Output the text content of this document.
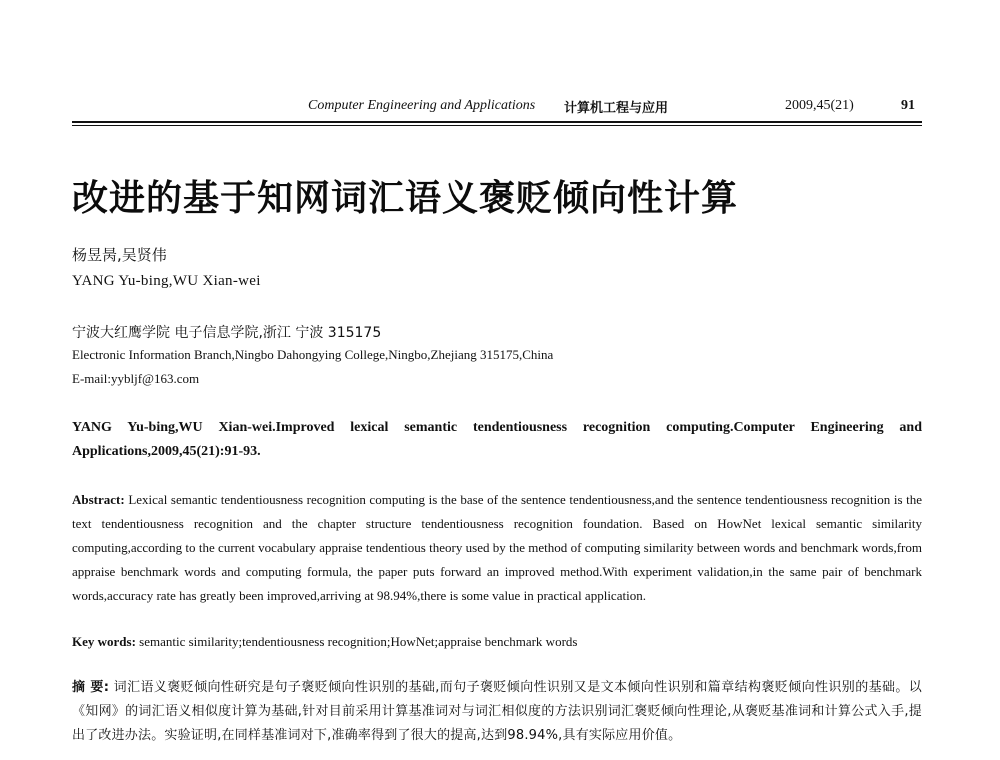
Computer Engineering and Applications 计算机工程与应用	2009,45(21)	91
改进的基于知网词汇语义褒贬倾向性计算
杨昱昺,吴贤伟
YANG Yu-bing,WU Xian-wei
宁波大红鹰学院 电子信息学院,浙江 宁波 315175
Electronic Information Branch,Ningbo Dahongying College,Ningbo,Zhejiang 315175,China
E-mail:yybljf@163.com
YANG Yu-bing,WU Xian-wei.Improved lexical semantic tendentiousness recognition computing.Computer Engineering and Applications,2009,45(21):91-93.
Abstract: Lexical semantic tendentiousness recognition computing is the base of the sentence tendentiousness,and the sentence tendentiousness recognition is the text tendentiousness recognition and the chapter structure tendentiousness recognition foundation. Based on HowNet lexical semantic similarity computing,according to the current vocabulary appraise tendentious theory used by the method of computing similarity between words and benchmark words,from appraise benchmark words and computing formula, the paper puts forward an improved method.With experiment validation,in the same pair of benchmark words,accuracy rate has greatly been improved,arriving at 98.94%,there is some value in practical application.
Key words: semantic similarity;tendentiousness recognition;HowNet;appraise benchmark words
摘 要: 词汇语义褒贬倾向性研究是句子褒贬倾向性识别的基础,而句子褒贬倾向性识别又是文本倾向性识别和篇章结构褒贬倾向性识别的基础。以《知网》的词汇语义相似度计算为基础,针对目前采用计算基准词对与词汇相似度的方法识别词汇褒贬倾向性理论,从褒贬基准词和计算公式入手,提出了改进办法。实验证明,在同样基准词对下,准确率得到了很大的提高,达到98.94%,具有实际应用价值。
